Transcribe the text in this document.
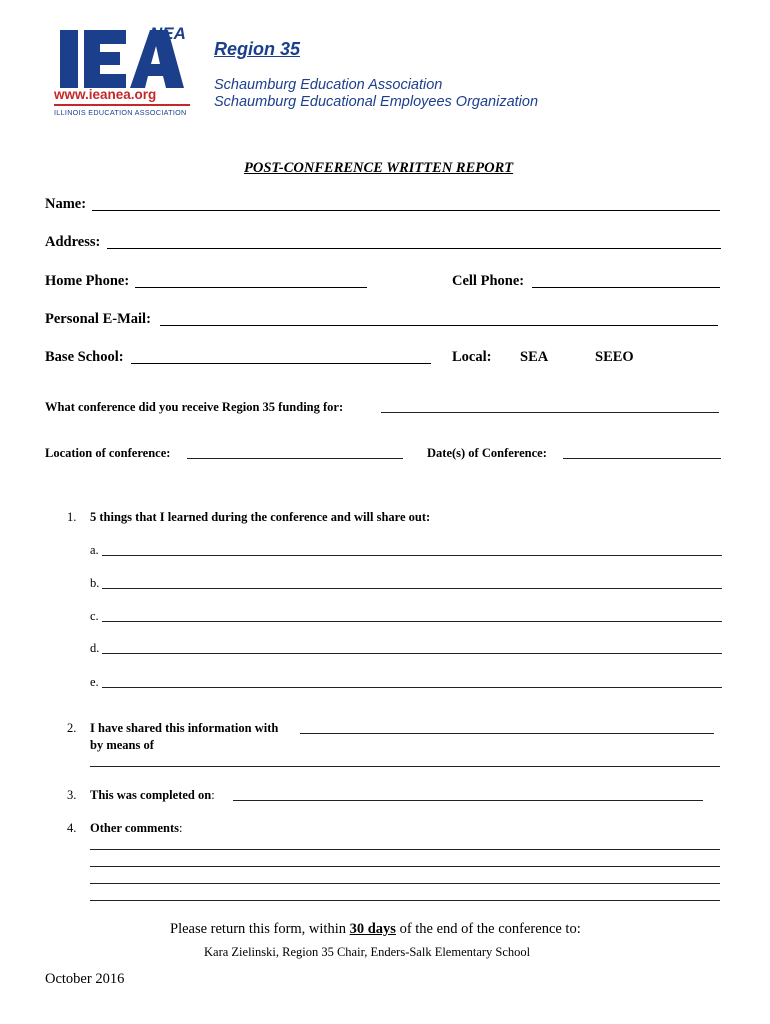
NEA
www.ieanea.org
ILLINOIS EDUCATION ASSOCIATION
Region 35
Schaumburg Education Association
Schaumburg Educational Employees Organization
POST-CONFERENCE WRITTEN REPORT
Name:
Address:
Home Phone:	Cell Phone:
Personal E-Mail:
Base School:	Local: SEA	SEEO
What conference did you receive Region 35 funding for:
Location of conference:	Date(s) of Conference:
1. 5 things that I learned during the conference and will share out:
a.
b.
c.
d.
e.
2. I have shared this information with
by means of
3. This was completed on:
4. Other comments:
Please return this form, within 30 days of the end of the conference to:
Kara Zielinski, Region 35 Chair, Enders-Salk Elementary School
October 2016
